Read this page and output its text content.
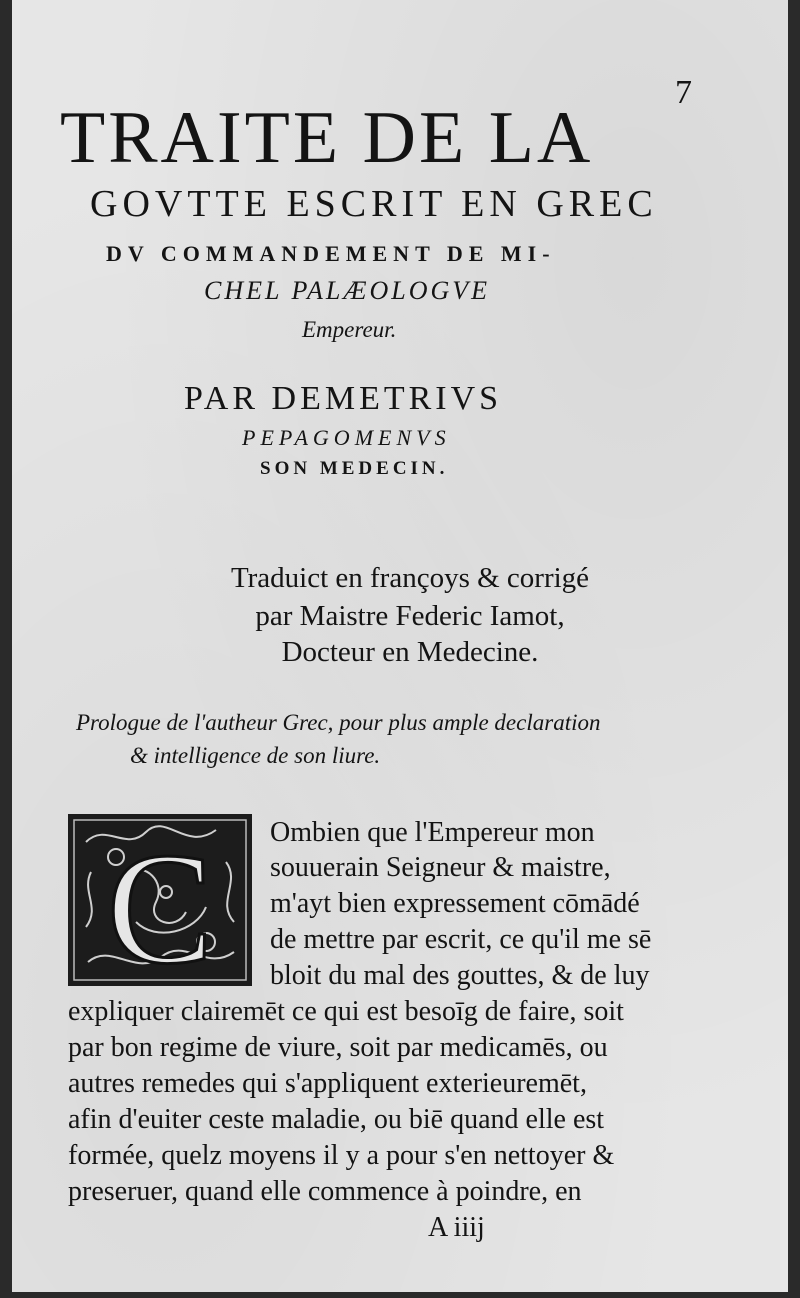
7
TRAITE DE LA
GOVTTE ESCRIT EN GREC
DV COMMANDEMENT DE MI-
CHEL PALÆOLOGVE
Empereur.
PAR DEMETRIVS
PEPAGOMENVS
SON MEDECIN.
Traduict en françoys & corrigé
par Maistre Federic Iamot,
Docteur en Medecine.
Prologue de l'autheur Grec, pour plus ample declaration
& intelligence de son liure.
C Ombien que l'Empereur mon
souuerain Seigneur & maistre,
m'ayt bien expressement cōmādé
de mettre par escrit, ce qu'il me sē
bloit du mal des gouttes, & de luy
expliquer clairemēt ce qui est besoīg de faire, soit
par bon regime de viure, soit par medicamēs, ou
autres remedes qui s'appliquent exterieuremēt,
afin d'euiter ceste maladie, ou biē quand elle est
formée, quelz moyens il y a pour s'en nettoyer &
preseruer, quand elle commence à poindre, en
A iiij
